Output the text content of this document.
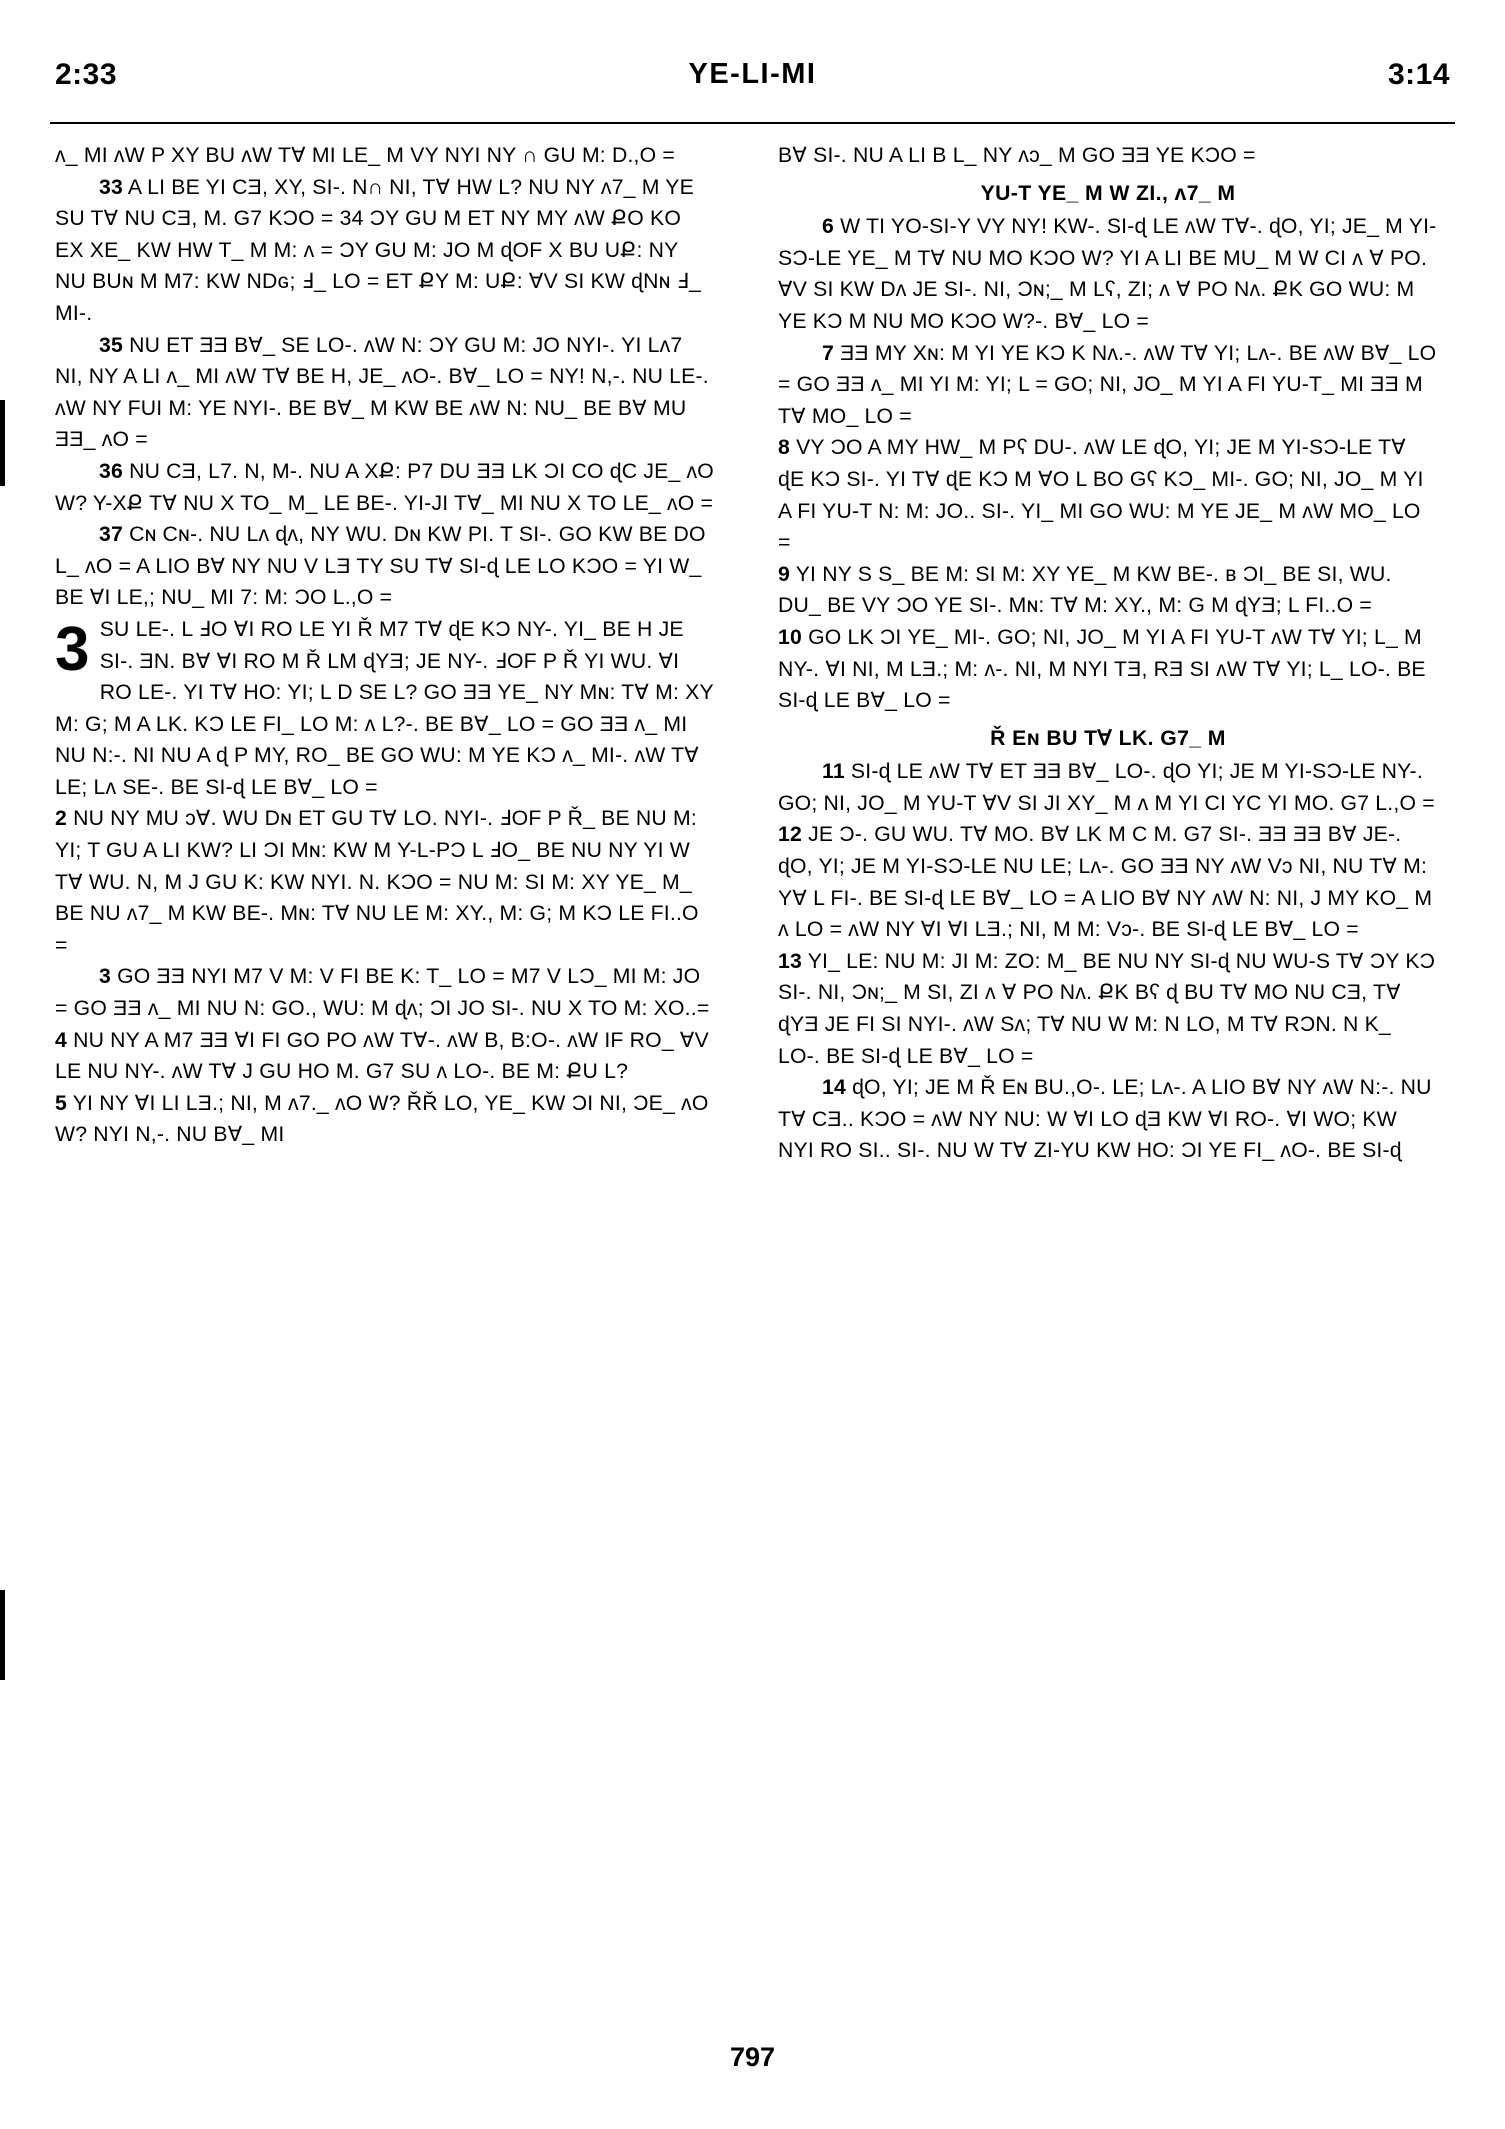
2:33	YE-LI-MI	3:14

ʌ_ MI ʌW P XY BU ʌW TⱯ MI LE_ M VY NYI NY ∩ GU M: D.,O =

33 A LI BE YI CƎ, XY, SI-. N∩ NI, TⱯ HW L? NU NY ʌ7_ M YE SU TⱯ NU CƎ, M. G7 KƆO = 34 ƆY GU M ET NY MY ʌW ՔO KO EX XE_ KW HW T_ M M: ʌ = ƆY GU M: JO M ɖOF X BU UՔ: NY NU BUɴ M M7: KW NDɢ; Ⅎ_ LO = ET ՔY M: UՔ: ⱯV SI KW ɖNɴ Ⅎ_ MI-.

35 NU ET ƎƎ BⱯ_ SE LO-. ʌW N: ƆY GU M: JO NYI-. YI Lʌ7 NI, NY A LI ʌ_ MI ʌW TⱯ BE H, JE_ ʌO-. BⱯ_ LO = NY! N,-. NU LE-. ʌW NY FUI M: YE NYI-. BE BⱯ_ M KW BE ʌW N: NU_ BE BⱯ MU ƎƎ_ ʌO =

36 NU CƎ, L7. N, M-. NU A XՔ: P7 DU ƎƎ LK ƆI CO ɖC JE_ ʌO W? Y-XՔ TⱯ NU X TO_ M_ LE BE-. YI-JI TⱯ_ MI NU X TO LE_ ʌO =

37 Cɴ Cɴ-. NU Lʌ ɖʌ, NY WU. Dɴ KW PI. T SI-. GO KW BE DO L_ ʌO = A LIO BⱯ NY NU V LƎ TY SU TⱯ SI-ɖ LE LO KƆO = YI W_ BE ⱯI LE,; NU_ MI 7: M: ƆO L.,O =

3 SU LE-. L ℲO ⱯI RO LE YI Ř M7 TⱯ ɖE KƆ NY-. YI_ BE H JE SI-. ƎN. BⱯ ⱯI RO M Ř LM ɖYƎ; JE NY-. ℲOF P Ř YI WU. ⱯI RO LE-. YI TⱯ HO: YI; L D SE L? GO ƎƎ YE_ NY Mɴ: TⱯ M: XY M: G; M A LK. KƆ LE FI_ LO M: ʌ L?-. BE BⱯ_ LO = GO ƎƎ ʌ_ MI NU N:-. NI NU A ɖ P MY, RO_ BE GO WU: M YE KƆ ʌ_ MI-. ʌW TⱯ LE; Lʌ SE-. BE SI-ɖ LE BⱯ_ LO =

2 NU NY MU ɔⱯ. WU Dɴ ET GU TⱯ LO. NYI-. ℲOF P Ř_ BE NU M: YI; T GU A LI KW? LI ƆI Mɴ: KW M Y-L-PƆ L ℲO_ BE NU NY YI W TⱯ WU. N, M J GU K: KW NYI. N. KƆO = NU M: SI M: XY YE_ M_ BE NU ʌ7_ M KW BE-. Mɴ: TⱯ NU LE M: XY., M: G; M KƆ LE FI..O =

3 GO ƎƎ NYI M7 V M: V FI BE K: T_ LO = M7 V LƆ_ MI M: JO = GO ƎƎ ʌ_ MI NU N: GO., WU: M ɖʌ; ƆI JO SI-. NU X TO M: XO..=

4 NU NY A M7 ƎƎ ⱯI FI GO PO ʌW TⱯ-. ʌW B, B:O-. ʌW IF RO_ ⱯV LE NU NY-. ʌW TⱯ J GU HO M. G7 SU ʌ LO-. BE M: ՔU L?

5 YI NY ⱯI LI LƎ.; NI, M ʌ7._ ʌO W? ŘŘ LO, YE_ KW ƆI NI, ƆE_ ʌO W? NYI N,-. NU BⱯ_ MI

BⱯ SI-. NU A LI B L_ NY ʌɔ_ M GO ƎƎ YE KƆO =

YU-T YE_ M W ZI., ʌ7_ M

6 W TI YO-SI-Y VY NY! KW-. SI-ɖ LE ʌW TⱯ-. ɖO, YI; JE_ M YI-SƆ-LE YE_ M TⱯ NU MO KƆO W? YI A LI BE MU_ M W CI ʌ Ɐ PO. ⱯV SI KW Dʌ JE SI-. NI, Ɔɴ;_ M Lʕ, ZI; ʌ Ɐ PO Nʌ. ՔK GO WU: M YE KƆ M NU MO KƆO W?-. BⱯ_ LO =

7 ƎƎ MY Xɴ: M YI YE KƆ K Nʌ.-. ʌW TⱯ YI; Lʌ-. BE ʌW BⱯ_ LO = GO ƎƎ ʌ_ MI YI M: YI; L = GO; NI, JO_ M YI A FI YU-T_ MI ƎƎ M TⱯ MO_ LO =

8 VY ƆO A MY HW_ M Pʕ DU-. ʌW LE ɖO, YI; JE M YI-SƆ-LE TⱯ ɖE KƆ SI-. YI TⱯ ɖE KƆ M ⱯO L BO Gʕ KƆ_ MI-. GO; NI, JO_ M YI A FI YU-T N: M: JO.. SI-. YI_ MI GO WU: M YE JE_ M ʌW MO_ LO =

9 YI NY S S_ BE M: SI M: XY YE_ M KW BE-. ʙ ƆI_ BE SI, WU. DU_ BE VY ƆO YE SI-. Mɴ: TⱯ M: XY., M: G M ɖYƎ; L FI..O =

10 GO LK ƆI YE_ MI-. GO; NI, JO_ M YI A FI YU-T ʌW TⱯ YI; L_ M NY-. ⱯI NI, M LƎ.; M: ʌ-. NI, M NYI TƎ, RƎ SI ʌW TⱯ YI; L_ LO-. BE SI-ɖ LE BⱯ_ LO =

Ř Eɴ BU TⱯ LK. G7_ M

11 SI-ɖ LE ʌW TⱯ ET ƎƎ BⱯ_ LO-. ɖO YI; JE M YI-SƆ-LE NY-. GO; NI, JO_ M YU-T ⱯV SI JI XY_ M ʌ M YI CI YC YI MO. G7 L.,O =

12 JE Ɔ-. GU WU. TⱯ MO. BⱯ LK M C M. G7 SI-. ƎƎ ƎƎ BⱯ JE-. ɖO, YI; JE M YI-SƆ-LE NU LE; Lʌ-. GO ƎƎ NY ʌW Vɔ NI, NU TⱯ M: YⱯ L FI-. BE SI-ɖ LE BⱯ_ LO = A LIO BⱯ NY ʌW N: NI, J MY KO_ M ʌ LO = ʌW NY ⱯI ⱯI LƎ.; NI, M M: Vɔ-. BE SI-ɖ LE BⱯ_ LO =

13 YI_ LE: NU M: JI M: ZO: M_ BE NU NY SI-ɖ NU WU-S TⱯ ƆY KƆ SI-. NI, Ɔɴ;_ M SI, ZI ʌ Ɐ PO Nʌ. ՔK Bʕ ɖ BU TⱯ MO NU CƎ, TⱯ ɖYƎ JE FI SI NYI-. ʌW Sʌ; TⱯ NU W M: N LO, M TⱯ RƆN. N K_ LO-. BE SI-ɖ LE BⱯ_ LO =

14 ɖO, YI; JE M Ř Eɴ BU.,O-. LE; Lʌ-. A LIO BⱯ NY ʌW N:-. NU TⱯ CƎ.. KƆO = ʌW NY NU: W ⱯI LO ɖƎ KW ⱯI RO-. ⱯI WO; KW NYI RO SI.. SI-. NU W TⱯ ZI-YU KW HO: ƆI YE FI_ ʌO-. BE SI-ɖ

797
